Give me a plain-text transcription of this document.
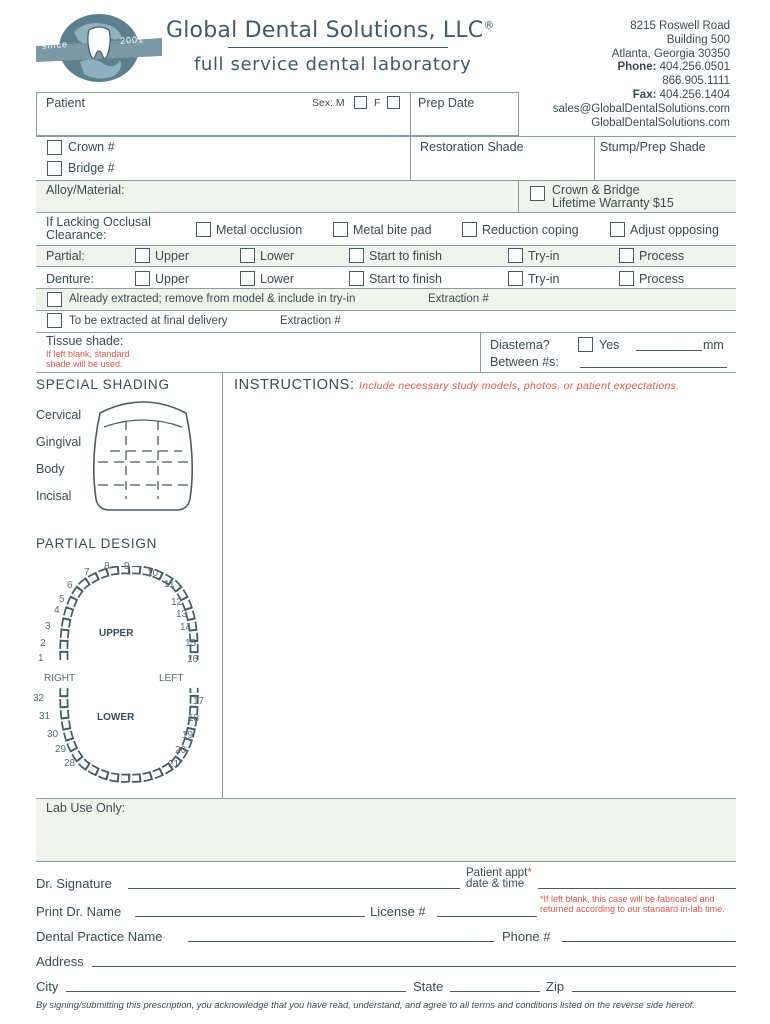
since	2001 Global Dental Solutions, LLC®
full service dental laboratory
8215 Roswell Road
Building 500
Atlanta, Georgia 30350
Phone: 404.256.0501
866.905.1111
Fax: 404.256.1404
sales@GlobalDentalSolutions.com
GlobalDentalSolutions.com
Patient	Sex: M	F	Prep Date
Crown #
Bridge #
Restoration Shade	Stump/Prep Shade
Alloy/Material:	Crown & Bridge
Lifetime Warranty $15
If Lacking Occlusal
Clearance:	Metal occlusion	Metal bite pad	Reduction coping	Adjust opposing
Partial:	Upper	Lower	Start to finish	Try-in	Process
Denture:	Upper	Lower	Start to finish	Try-in	Process
Already extracted; remove from model & include in try-in	Extraction #
To be extracted at final delivery	Extraction #
Tissue shade:
If left blank, standard
shade will be used.
Diastema?	Yes	mm
Between #s:
SPECIAL SHADING
Cervical
Gingival
Body
Incisal
INSTRUCTIONS: Include necessary study models, photos, or patient expectations.
PARTIAL DESIGN
UPPER
LOWER
RIGHT	LEFT
1
2
3
4
5
6
7
8 9
10
11
12
13
14
15
16
17
18
19
20
21
28
29
30
31
32
Lab Use Only:
Dr. Signature
Patient appt*
date & time
*If left blank, this case will be fabricated and
returned according to our standard in-lab time.
Print Dr. Name	License #
Dental Practice Name	Phone #
Address
City	State	Zip
By signing/submitting this prescription, you acknowledge that you have read, understand, and agree to all terms and conditions listed on the reverse side hereof.
